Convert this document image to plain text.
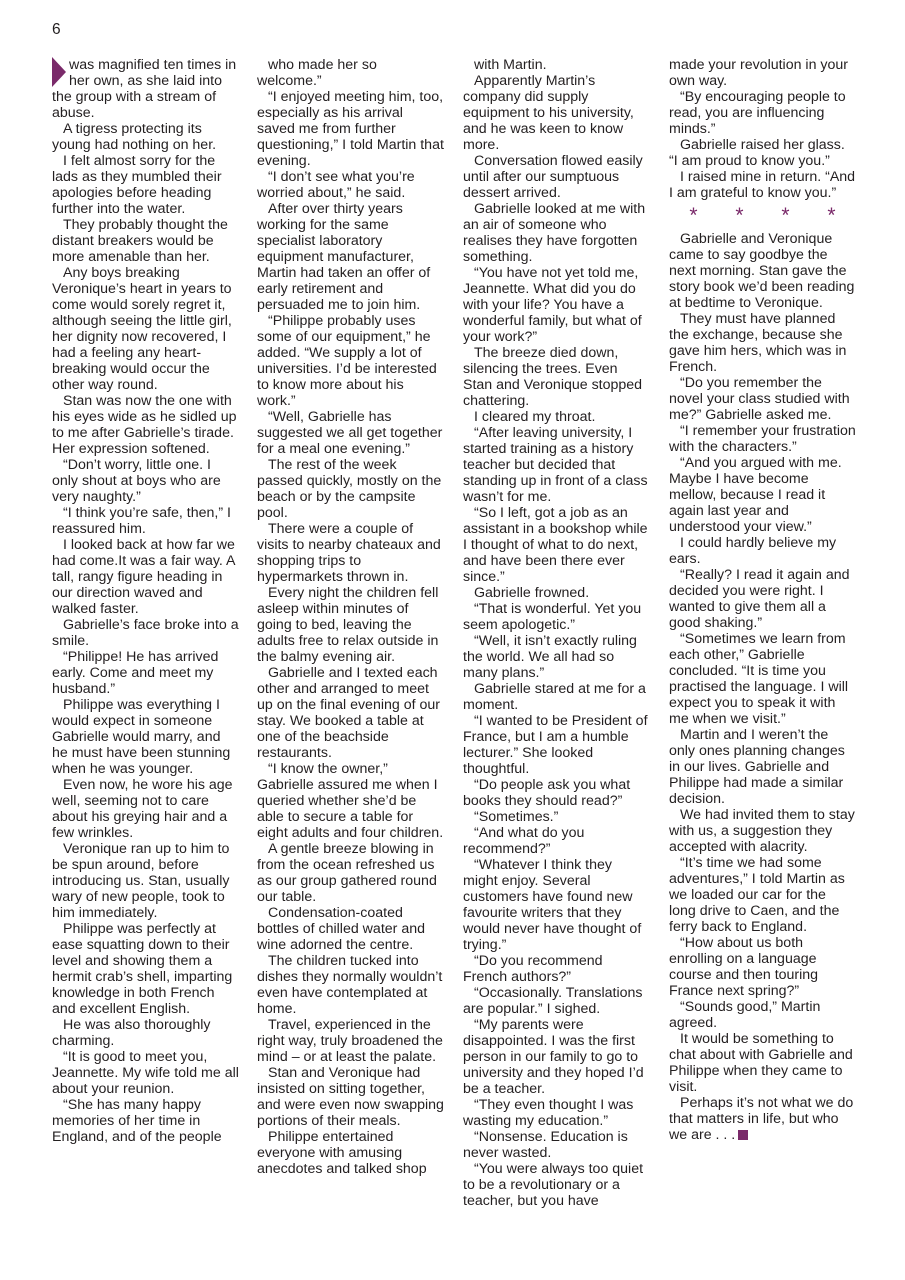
6

was magnified ten times in her own, as she laid into the group with a stream of abuse.

A tigress protecting its young had nothing on her.

I felt almost sorry for the lads as they mumbled their apologies before heading further into the water.

They probably thought the distant breakers would be more amenable than her.

Any boys breaking Veronique’s heart in years to come would sorely regret it, although seeing the little girl, her dignity now recovered, I had a feeling any heart-breaking would occur the other way round.

Stan was now the one with his eyes wide as he sidled up to me after Gabrielle’s tirade. Her expression softened.

“Don’t worry, little one. I only shout at boys who are very naughty.”

“I think you’re safe, then,” I reassured him.

I looked back at how far we had come.It was a fair way. A tall, rangy figure heading in our direction waved and walked faster.

Gabrielle’s face broke into a smile.

“Philippe! He has arrived early. Come and meet my husband.”

Philippe was everything I would expect in someone Gabrielle would marry, and he must have been stunning when he was younger.

Even now, he wore his age well, seeming not to care about his greying hair and a few wrinkles.

Veronique ran up to him to be spun around, before introducing us. Stan, usually wary of new people, took to him immediately.

Philippe was perfectly at ease squatting down to their level and showing them a hermit crab’s shell, imparting knowledge in both French and excellent English.

He was also thoroughly charming.

“It is good to meet you, Jeannette. My wife told me all about your reunion.

“She has many happy memories of her time in England, and of the people

who made her so welcome.”

“I enjoyed meeting him, too, especially as his arrival saved me from further questioning,” I told Martin that evening.

“I don’t see what you’re worried about,” he said.

After over thirty years working for the same specialist laboratory equipment manufacturer, Martin had taken an offer of early retirement and persuaded me to join him.

“Philippe probably uses some of our equipment,” he added. “We supply a lot of universities. I’d be interested to know more about his work.”

“Well, Gabrielle has suggested we all get together for a meal one evening.”

The rest of the week passed quickly, mostly on the beach or by the campsite pool.

There were a couple of visits to nearby chateaux and shopping trips to hypermarkets thrown in.

Every night the children fell asleep within minutes of going to bed, leaving the adults free to relax outside in the balmy evening air.

Gabrielle and I texted each other and arranged to meet up on the final evening of our stay. We booked a table at one of the beachside restaurants.

“I know the owner,” Gabrielle assured me when I queried whether she’d be able to secure a table for eight adults and four children.

A gentle breeze blowing in from the ocean refreshed us as our group gathered round our table.

Condensation-coated bottles of chilled water and wine adorned the centre.

The children tucked into dishes they normally wouldn’t even have contemplated at home.

Travel, experienced in the right way, truly broadened the mind – or at least the palate.

Stan and Veronique had insisted on sitting together, and were even now swapping portions of their meals.

Philippe entertained everyone with amusing anecdotes and talked shop

with Martin.

Apparently Martin’s company did supply equipment to his university, and he was keen to know more.

Conversation flowed easily until after our sumptuous dessert arrived.

Gabrielle looked at me with an air of someone who realises they have forgotten something.

“You have not yet told me, Jeannette. What did you do with your life? You have a wonderful family, but what of your work?”

The breeze died down, silencing the trees. Even Stan and Veronique stopped chattering.

I cleared my throat.

“After leaving university, I started training as a history teacher but decided that standing up in front of a class wasn’t for me.

“So I left, got a job as an assistant in a bookshop while I thought of what to do next, and have been there ever since.”

Gabrielle frowned.

“That is wonderful. Yet you seem apologetic.”

“Well, it isn’t exactly ruling the world. We all had so many plans.”

Gabrielle stared at me for a moment.

“I wanted to be President of France, but I am a humble lecturer.” She looked thoughtful.

“Do people ask you what books they should read?”

“Sometimes.”

“And what do you recommend?”

“Whatever I think they might enjoy. Several customers have found new favourite writers that they would never have thought of trying.”

“Do you recommend French authors?”

“Occasionally. Translations are popular.” I sighed.

“My parents were disappointed. I was the first person in our family to go to university and they hoped I’d be a teacher.

“They even thought I was wasting my education.”

“Nonsense. Education is never wasted.

“You were always too quiet to be a revolutionary or a teacher, but you have

made your revolution in your own way.

“By encouraging people to read, you are influencing minds.”

Gabrielle raised her glass. “I am proud to know you.”

I raised mine in return. “And I am grateful to know you.”

* * * *

Gabrielle and Veronique came to say goodbye the next morning. Stan gave the story book we’d been reading at bedtime to Veronique.

They must have planned the exchange, because she gave him hers, which was in French.

“Do you remember the novel your class studied with me?” Gabrielle asked me.

“I remember your frustration with the characters.”

“And you argued with me. Maybe I have become mellow, because I read it again last year and understood your view.”

I could hardly believe my ears.

“Really? I read it again and decided you were right. I wanted to give them all a good shaking.”

“Sometimes we learn from each other,” Gabrielle concluded. “It is time you practised the language. I will expect you to speak it with me when we visit.”

Martin and I weren’t the only ones planning changes in our lives. Gabrielle and Philippe had made a similar decision.

We had invited them to stay with us, a suggestion they accepted with alacrity.

“It’s time we had some adventures,” I told Martin as we loaded our car for the long drive to Caen, and the ferry back to England.

“How about us both enrolling on a language course and then touring France next spring?”

“Sounds good,” Martin agreed.

It would be something to chat about with Gabrielle and Philippe when they came to visit.

Perhaps it’s not what we do that matters in life, but who we are . . .
